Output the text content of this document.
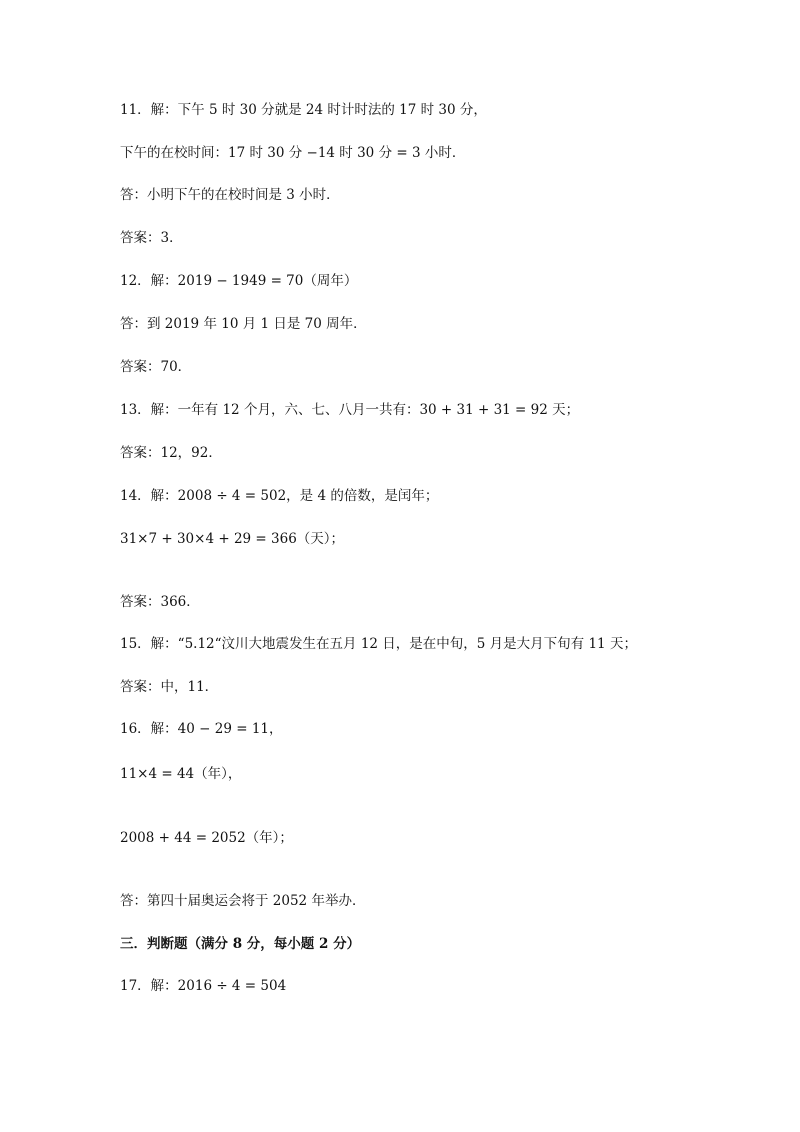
11．解：下午 5 时 30 分就是 24 时计时法的 17 时 30 分，
下午的在校时间：17 时 30 分 −14 时 30 分 = 3 小时．
答：小明下午的在校时间是 3 小时．
答案：3．
12．解：2019 − 1949 = 70（周年）
答：到 2019 年 10 月 1 日是 70 周年．
答案：70．
13．解：一年有 12 个月，六、七、八月一共有：30 + 31 + 31 = 92 天；
答案：12，92．
14．解：2008 ÷ 4 = 502，是 4 的倍数，是闰年；
31×7 + 30×4 + 29 = 366（天）；
答案：366．
15．解：“5.12“汶川大地震发生在五月 12 日，是在中旬，5 月是大月下旬有 11 天；
答案：中，11．
16．解：40 − 29 = 11，
11×4 = 44（年），
2008 + 44 = 2052（年）；
答：第四十届奥运会将于 2052 年举办．
三．判断题（满分 8 分，每小题 2 分）
17．解：2016 ÷ 4 = 504
